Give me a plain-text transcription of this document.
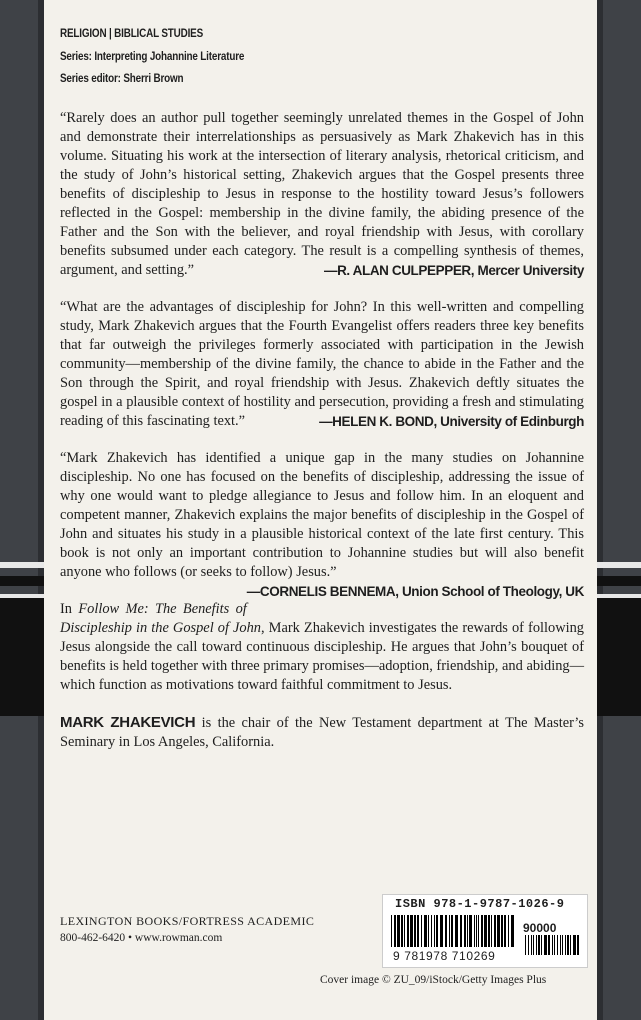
RELIGION | BIBLICAL STUDIES
Series: Interpreting Johannine Literature
Series editor: Sherri Brown
“Rarely does an author pull together seemingly unrelated themes in the Gospel of John and demonstrate their interrelationships as persuasively as Mark Zhakevich has in this volume. Situating his work at the intersection of literary analysis, rhetorical criticism, and the study of John’s historical setting, Zhakevich argues that the Gospel presents three benefits of discipleship to Jesus in response to the hostility toward Jesus’s followers reflected in the Gospel: membership in the divine family, the abiding presence of the Father and the Son with the believer, and royal friendship with Jesus, with corollary benefits subsumed under each category. The result is a compelling synthesis of themes, argument, and setting.”	—R. ALAN CULPEPPER, Mercer University
“What are the advantages of discipleship for John? In this well-written and compelling study, Mark Zhakevich argues that the Fourth Evangelist offers readers three key benefits that far outweigh the privileges formerly associated with participation in the Jewish community—membership of the divine family, the chance to abide in the Father and the Son through the Spirit, and royal friendship with Jesus. Zhakevich deftly situates the gospel in a plausible context of hostility and persecution, providing a fresh and stimulating reading of this fascinating text.”	—HELEN K. BOND, University of Edinburgh
“Mark Zhakevich has identified a unique gap in the many studies on Johannine discipleship. No one has focused on the benefits of discipleship, addressing the issue of why one would want to pledge allegiance to Jesus and follow him. In an eloquent and competent manner, Zhakevich explains the major benefits of discipleship in the Gospel of John and situates his study in a plausible historical context of the late first century. This book is not only an important contribution to Johannine studies but will also benefit anyone who follows (or seeks to follow) Jesus.”
—CORNELIS BENNEMA, Union School of Theology, UK
In Follow Me: The Benefits of Discipleship in the Gospel of John, Mark Zhakevich investigates the rewards of following Jesus alongside the call toward continuous discipleship. He argues that John’s bouquet of benefits is held together with three primary promises—adoption, friendship, and abiding—which function as motivations toward faithful commitment to Jesus.
MARK ZHAKEVICH is the chair of the New Testament department at The Master’s Seminary in Los Angeles, California.
LEXINGTON BOOKS/FORTRESS ACADEMIC
800-462-6420 • www.rowman.com
ISBN 978-1-9787-1026-9
90000
9 781978 710269
Cover image © ZU_09/iStock/Getty Images Plus
